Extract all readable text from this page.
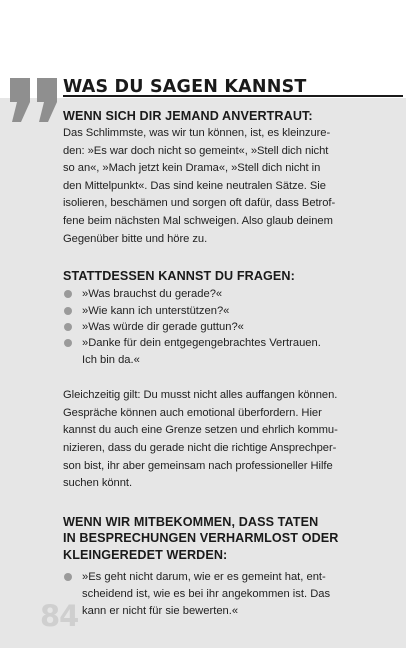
WAS DU SAGEN KANNST
WENN SICH DIR JEMAND ANVERTRAUT:

Das Schlimmste, was wir tun können, ist, es kleinzure-
den: »Es war doch nicht so gemeint«, »Stell dich nicht
so an«, »Mach jetzt kein Drama«, »Stell dich nicht in
den Mittelpunkt«. Das sind keine neutralen Sätze. Sie
isolieren, beschämen und sorgen oft dafür, dass Betrof-
fene beim nächsten Mal schweigen. Also glaub deinem
Gegenüber bitte und höre zu.

STATTDESSEN KANNST DU FRAGEN:
»Was brauchst du gerade?«
»Wie kann ich unterstützen?«
»Was würde dir gerade guttun?«
»Danke für dein entgegengebrachtes Vertrauen.
Ich bin da.«

Gleichzeitig gilt: Du musst nicht alles auffangen können.
Gespräche können auch emotional überfordern. Hier
kannst du auch eine Grenze setzen und ehrlich kommu-
nizieren, dass du gerade nicht die richtige Ansprechper-
son bist, ihr aber gemeinsam nach professioneller Hilfe
suchen könnt.

WENN WIR MITBEKOMMEN, DASS TATEN
IN BESPRECHUNGEN VERHARMLOST ODER
KLEINGEREDET WERDEN:
»Es geht nicht darum, wie er es gemeint hat, ent-
scheidend ist, wie es bei ihr angekommen ist. Das
kann er nicht für sie bewerten.«
84
